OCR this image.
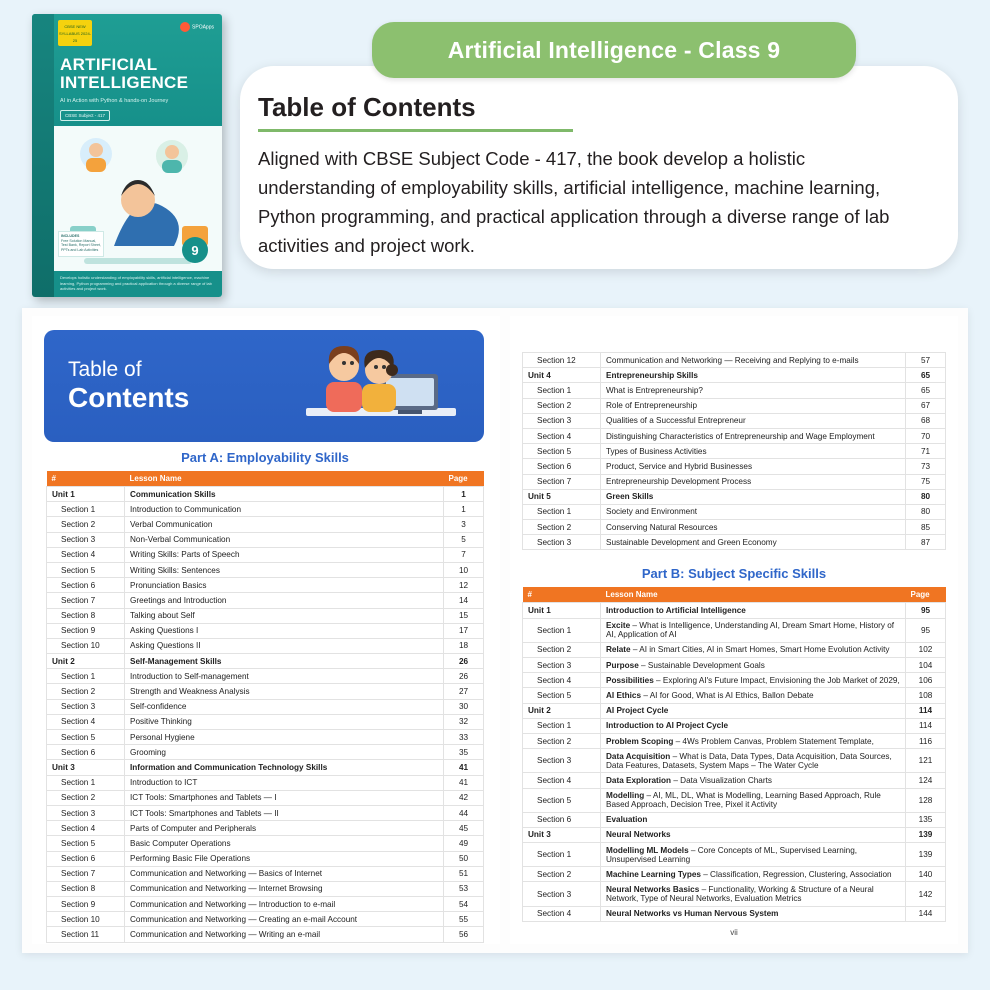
CBSE NEW SYLLABUS 2024-25
SPOApps
ARTIFICIAL INTELLIGENCE
AI in Action with Python & hands-on Journey
CBSE Subject - 417
INCLUDES
Free Solution Manual, Test Bank, Report Sheet, PPTs and Lab Activities	9
Develops holistic understanding of employability skills, artificial intelligence, machine learning, Python programming and practical application through a diverse range of lab activities and project work.
Artificial Intelligence - Class 9
Table of Contents
Aligned with CBSE Subject Code - 417, the book develop a holistic understanding of employability skills, artificial intelligence, machine learning, Python programming, and practical application through a diverse range of lab activities and project work.
Table of
Contents
Part A: Employability Skills
#	Lesson Name	Page
Unit 1	Communication Skills	1
Section 1	Introduction to Communication	1
Section 2	Verbal Communication	3
Section 3	Non-Verbal Communication	5
Section 4	Writing Skills: Parts of Speech	7
Section 5	Writing Skills: Sentences	10
Section 6	Pronunciation Basics	12
Section 7	Greetings and Introduction	14
Section 8	Talking about Self	15
Section 9	Asking Questions I	17
Section 10	Asking Questions II	18
Unit 2	Self-Management Skills	26
Section 1	Introduction to Self-management	26
Section 2	Strength and Weakness Analysis	27
Section 3	Self-confidence	30
Section 4	Positive Thinking	32
Section 5	Personal Hygiene	33
Section 6	Grooming	35
Unit 3	Information and Communication Technology Skills	41
Section 1	Introduction to ICT	41
Section 2	ICT Tools: Smartphones and Tablets — I	42
Section 3	ICT Tools: Smartphones and Tablets — II	44
Section 4	Parts of Computer and Peripherals	45
Section 5	Basic Computer Operations	49
Section 6	Performing Basic File Operations	50
Section 7	Communication and Networking — Basics of Internet	51
Section 8	Communication and Networking — Internet Browsing	53
Section 9	Communication and Networking — Introduction to e-mail	54
Section 10	Communication and Networking — Creating an e-mail Account	55
Section 11	Communication and Networking — Writing an e-mail	56
Section 12	Communication and Networking — Receiving and Replying to e-mails	57
Unit 4	Entrepreneurship Skills	65
Section 1	What is Entrepreneurship?	65
Section 2	Role of Entrepreneurship	67
Section 3	Qualities of a Successful Entrepreneur	68
Section 4	Distinguishing Characteristics of Entrepreneurship and Wage Employment	70
Section 5	Types of Business Activities	71
Section 6	Product, Service and Hybrid Businesses	73
Section 7	Entrepreneurship Development Process	75
Unit 5	Green Skills	80
Section 1	Society and Environment	80
Section 2	Conserving Natural Resources	85
Section 3	Sustainable Development and Green Economy	87
Part B: Subject Specific Skills
#	Lesson Name	Page
Unit 1	Introduction to Artificial Intelligence	95
Section 1	Excite – What is Intelligence, Understanding AI, Dream Smart Home, History of AI, Application of AI	95
Section 2	Relate – AI in Smart Cities, AI in Smart Homes, Smart Home Evolution Activity	102
Section 3	Purpose – Sustainable Development Goals	104
Section 4	Possibilities – Exploring AI's Future Impact, Envisioning the Job Market of 2029,	106
Section 5	AI Ethics – AI for Good, What is AI Ethics, Ballon Debate	108
Unit 2	AI Project Cycle	114
Section 1	Introduction to AI Project Cycle	114
Section 2	Problem Scoping – 4Ws Problem Canvas, Problem Statement Template,	116
Section 3	Data Acquisition – What is Data, Data Types, Data Acquisition, Data Sources, Data Features, Datasets, System Maps – The Water Cycle	121
Section 4	Data Exploration – Data Visualization Charts	124
Section 5	Modelling – AI, ML, DL, What is Modelling, Learning Based Approach, Rule Based Approach, Decision Tree, Pixel it Activity	128
Section 6	Evaluation	135
Unit 3	Neural Networks	139
Section 1	Modelling ML Models – Core Concepts of ML, Supervised Learning, Unsupervised Learning	139
Section 2	Machine Learning Types – Classification, Regression, Clustering, Association	140
Section 3	Neural Networks Basics – Functionality, Working & Structure of a Neural Network, Type of Neural Networks, Evaluation Metrics	142
Section 4	Neural Networks vs Human Nervous System	144
vii
